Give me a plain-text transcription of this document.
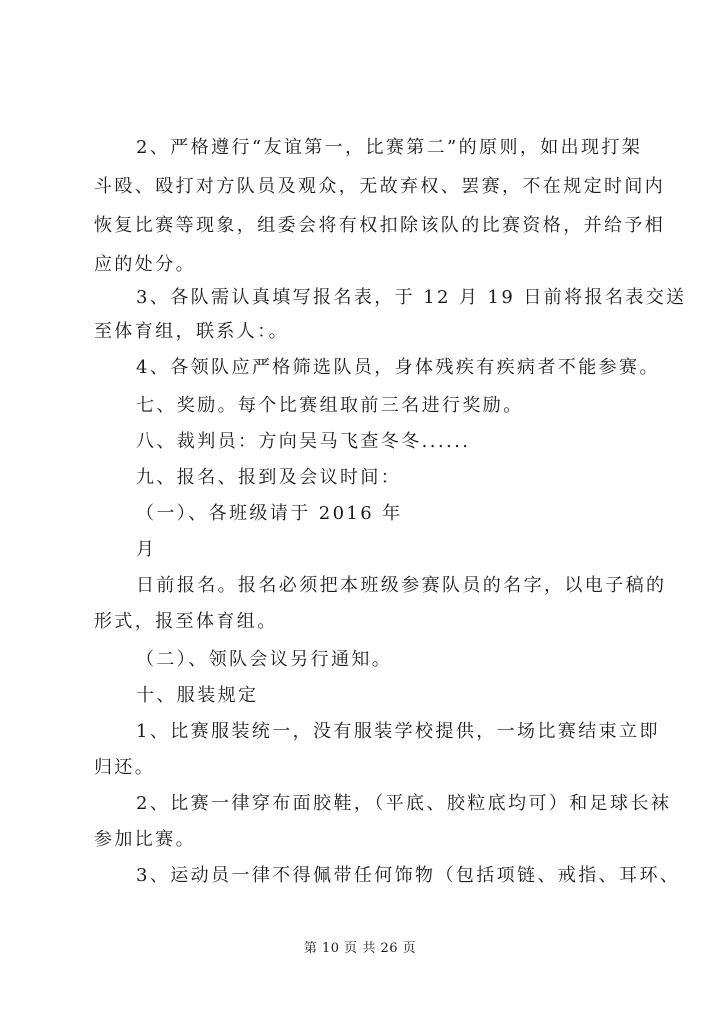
2、严格遵行“友谊第一，比赛第二”的原则，如出现打架

斗殴、殴打对方队员及观众，无故弃权、罢赛，不在规定时间内

恢复比赛等现象，组委会将有权扣除该队的比赛资格，并给予相

应的处分。

3、各队需认真填写报名表，于 12 月 19 日前将报名表交送

至体育组，联系人：。

4、各领队应严格筛选队员，身体残疾有疾病者不能参赛。

七、奖励。每个比赛组取前三名进行奖励。

八、裁判员：方向吴马飞查冬冬......

九、报名、报到及会议时间：

（一）、各班级请于 2016 年

月

日前报名。报名必须把本班级参赛队员的名字，以电子稿的

形式，报至体育组。

（二）、领队会议另行通知。

十、服装规定

1、比赛服装统一，没有服装学校提供，一场比赛结束立即

归还。

2、比赛一律穿布面胶鞋，（平底、胶粒底均可）和足球长袜

参加比赛。

3、运动员一律不得佩带任何饰物（包括项链、戒指、耳环、

第 10 页 共 26 页
